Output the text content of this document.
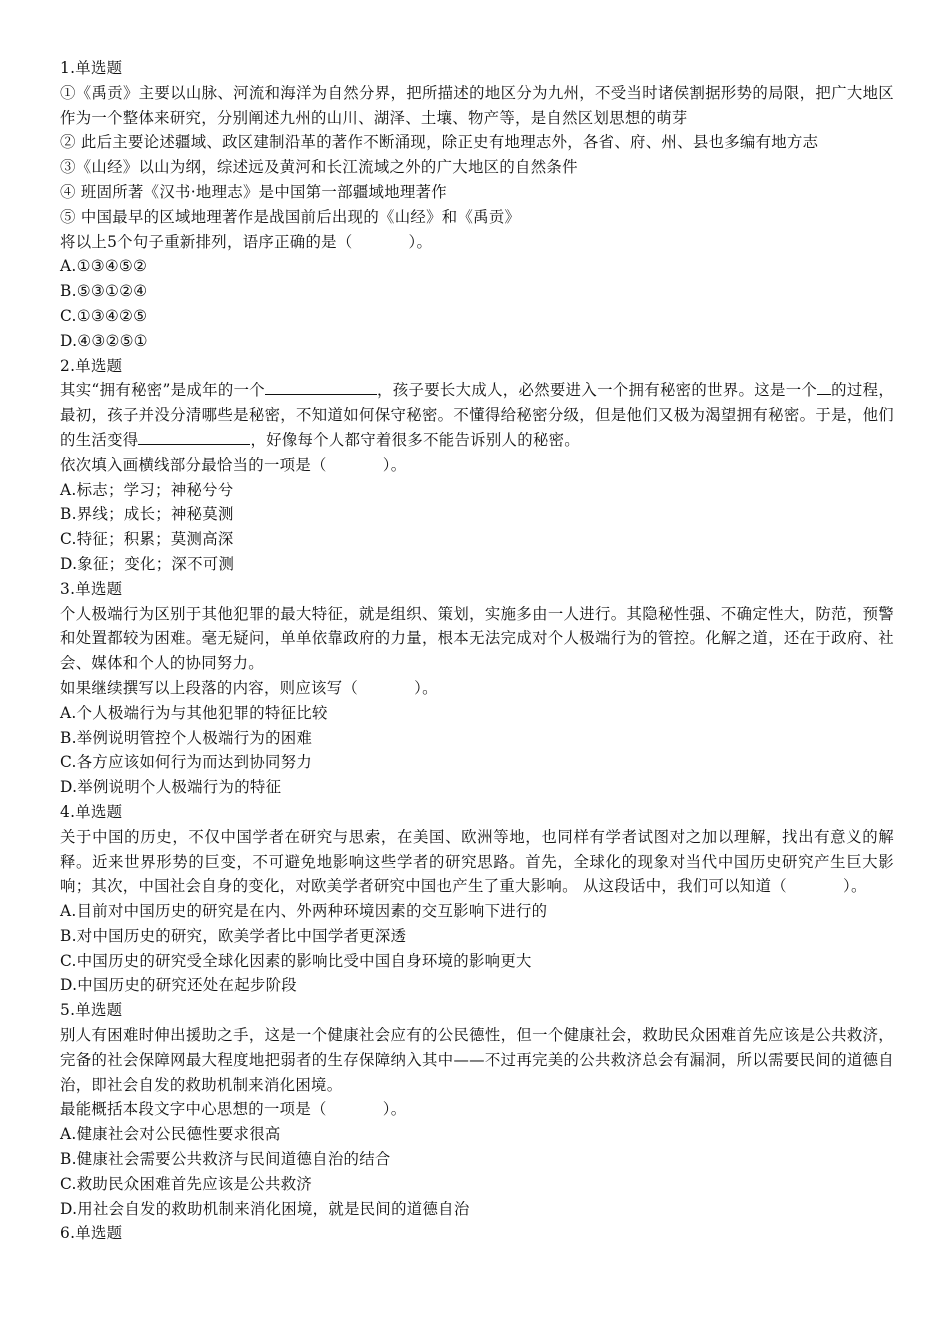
1.单选题
①《禹贡》主要以山脉、河流和海洋为自然分界，把所描述的地区分为九州，不受当时诸侯割据形势的局限，把广大地区作为一个整体来研究，分别阐述九州的山川、湖泽、土壤、物产等，是自然区划思想的萌芽
② 此后主要论述疆域、政区建制沿革的著作不断涌现，除正史有地理志外，各省、府、州、县也多编有地方志
③《山经》以山为纲，综述远及黄河和长江流域之外的广大地区的自然条件
④ 班固所著《汉书·地理志》是中国第一部疆域地理著作
⑤ 中国最早的区域地理著作是战国前后出现的《山经》和《禹贡》
将以上5个句子重新排列，语序正确的是（	）。
A.①③④⑤②
B.⑤③①②④
C.①③④②⑤
D.④③②⑤①
2.单选题
其实“拥有秘密”是成年的一个	，孩子要长大成人，必然要进入一个拥有秘密的世界。这是一个 的过程，最初，孩子并没分清哪些是秘密，不知道如何保守秘密。不懂得给秘密分级，但是他们又极为渴望拥有秘密。于是，他们的生活变得	，好像每个人都守着很多不能告诉别人的秘密。
依次填入画横线部分最恰当的一项是（	）。
A.标志；学习；神秘兮兮
B.界线；成长；神秘莫测
C.特征；积累；莫测高深
D.象征；变化；深不可测
3.单选题
个人极端行为区别于其他犯罪的最大特征，就是组织、策划，实施多由一人进行。其隐秘性强、不确定性大，防范，预警和处置都较为困难。毫无疑问，单单依靠政府的力量，根本无法完成对个人极端行为的管控。化解之道，还在于政府、社会、媒体和个人的协同努力。
如果继续撰写以上段落的内容，则应该写（	）。
A.个人极端行为与其他犯罪的特征比较
B.举例说明管控个人极端行为的困难
C.各方应该如何行为而达到协同努力
D.举例说明个人极端行为的特征
4.单选题
关于中国的历史，不仅中国学者在研究与思索，在美国、欧洲等地，也同样有学者试图对之加以理解，找出有意义的解释。近来世界形势的巨变，不可避免地影响这些学者的研究思路。首先，全球化的现象对当代中国历史研究产生巨大影响；其次，中国社会自身的变化，对欧美学者研究中国也产生了重大影响。 从这段话中，我们可以知道（	）。
A.目前对中国历史的研究是在内、外两种环境因素的交互影响下进行的
B.对中国历史的研究，欧美学者比中国学者更深透
C.中国历史的研究受全球化因素的影响比受中国自身环境的影响更大
D.中国历史的研究还处在起步阶段
5.单选题
别人有困难时伸出援助之手，这是一个健康社会应有的公民德性，但一个健康社会，救助民众困难首先应该是公共救济，完备的社会保障网最大程度地把弱者的生存保障纳入其中——不过再完美的公共救济总会有漏洞，所以需要民间的道德自治，即社会自发的救助机制来消化困境。
最能概括本段文字中心思想的一项是（	）。
A.健康社会对公民德性要求很高
B.健康社会需要公共救济与民间道德自治的结合
C.救助民众困难首先应该是公共救济
D.用社会自发的救助机制来消化困境，就是民间的道德自治
6.单选题
